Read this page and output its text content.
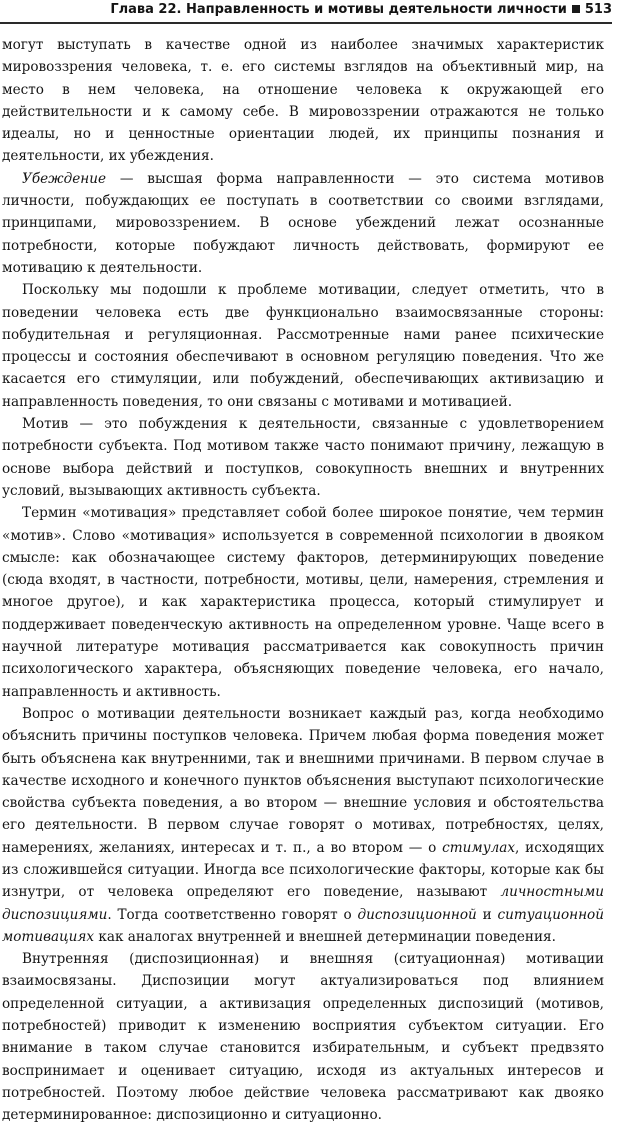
Глава 22. Направленность и мотивы деятельности личности 513

могут выступать в качестве одной из наиболее значимых характеристик мировоззрения человека, т. е. его системы взглядов на объективный мир, на место в нем человека, на отношение человека к окружающей его действительности и к самому себе. В мировоззрении отражаются не только идеалы, но и ценностные ориентации людей, их принципы познания и деятельности, их убеждения.

Убеждение — высшая форма направленности — это система мотивов личности, побуждающих ее поступать в соответствии со своими взглядами, принципами, мировоззрением. В основе убеждений лежат осознанные потребности, которые побуждают личность действовать, формируют ее мотивацию к деятельности.

Поскольку мы подошли к проблеме мотивации, следует отметить, что в поведении человека есть две функционально взаимосвязанные стороны: побудительная и регуляционная. Рассмотренные нами ранее психические процессы и состояния обеспечивают в основном регуляцию поведения. Что же касается его стимуляции, или побуждений, обеспечивающих активизацию и направленность поведения, то они связаны с мотивами и мотивацией.

Мотив — это побуждения к деятельности, связанные с удовлетворением потребности субъекта. Под мотивом также часто понимают причину, лежащую в основе выбора действий и поступков, совокупность внешних и внутренних условий, вызывающих активность субъекта.

Термин «мотивация» представляет собой более широкое понятие, чем термин «мотив». Слово «мотивация» используется в современной психологии в двояком смысле: как обозначающее систему факторов, детерминирующих поведение (сюда входят, в частности, потребности, мотивы, цели, намерения, стремления и многое другое), и как характеристика процесса, который стимулирует и поддерживает поведенческую активность на определенном уровне. Чаще всего в научной литературе мотивация рассматривается как совокупность причин психологического характера, объясняющих поведение человека, его начало, направленность и активность.

Вопрос о мотивации деятельности возникает каждый раз, когда необходимо объяснить причины поступков человека. Причем любая форма поведения может быть объяснена как внутренними, так и внешними причинами. В первом случае в качестве исходного и конечного пунктов объяснения выступают психологические свойства субъекта поведения, а во втором — внешние условия и обстоятельства его деятельности. В первом случае говорят о мотивах, потребностях, целях, намерениях, желаниях, интересах и т. п., а во втором — о стимулах, исходящих из сложившейся ситуации. Иногда все психологические факторы, которые как бы изнутри, от человека определяют его поведение, называют личностными диспозициями. Тогда соответственно говорят о диспозиционной и ситуационной мотивациях как аналогах внутренней и внешней детерминации поведения.

Внутренняя (диспозиционная) и внешняя (ситуационная) мотивации взаимосвязаны. Диспозиции могут актуализироваться под влиянием определенной ситуации, а активизация определенных диспозиций (мотивов, потребностей) приводит к изменению восприятия субъектом ситуации. Его внимание в таком случае становится избирательным, и субъект предвзято воспринимает и оценивает ситуацию, исходя из актуальных интересов и потребностей. Поэтому любое действие человека рассматривают как двояко детерминированное: диспозиционно и ситуационно.
